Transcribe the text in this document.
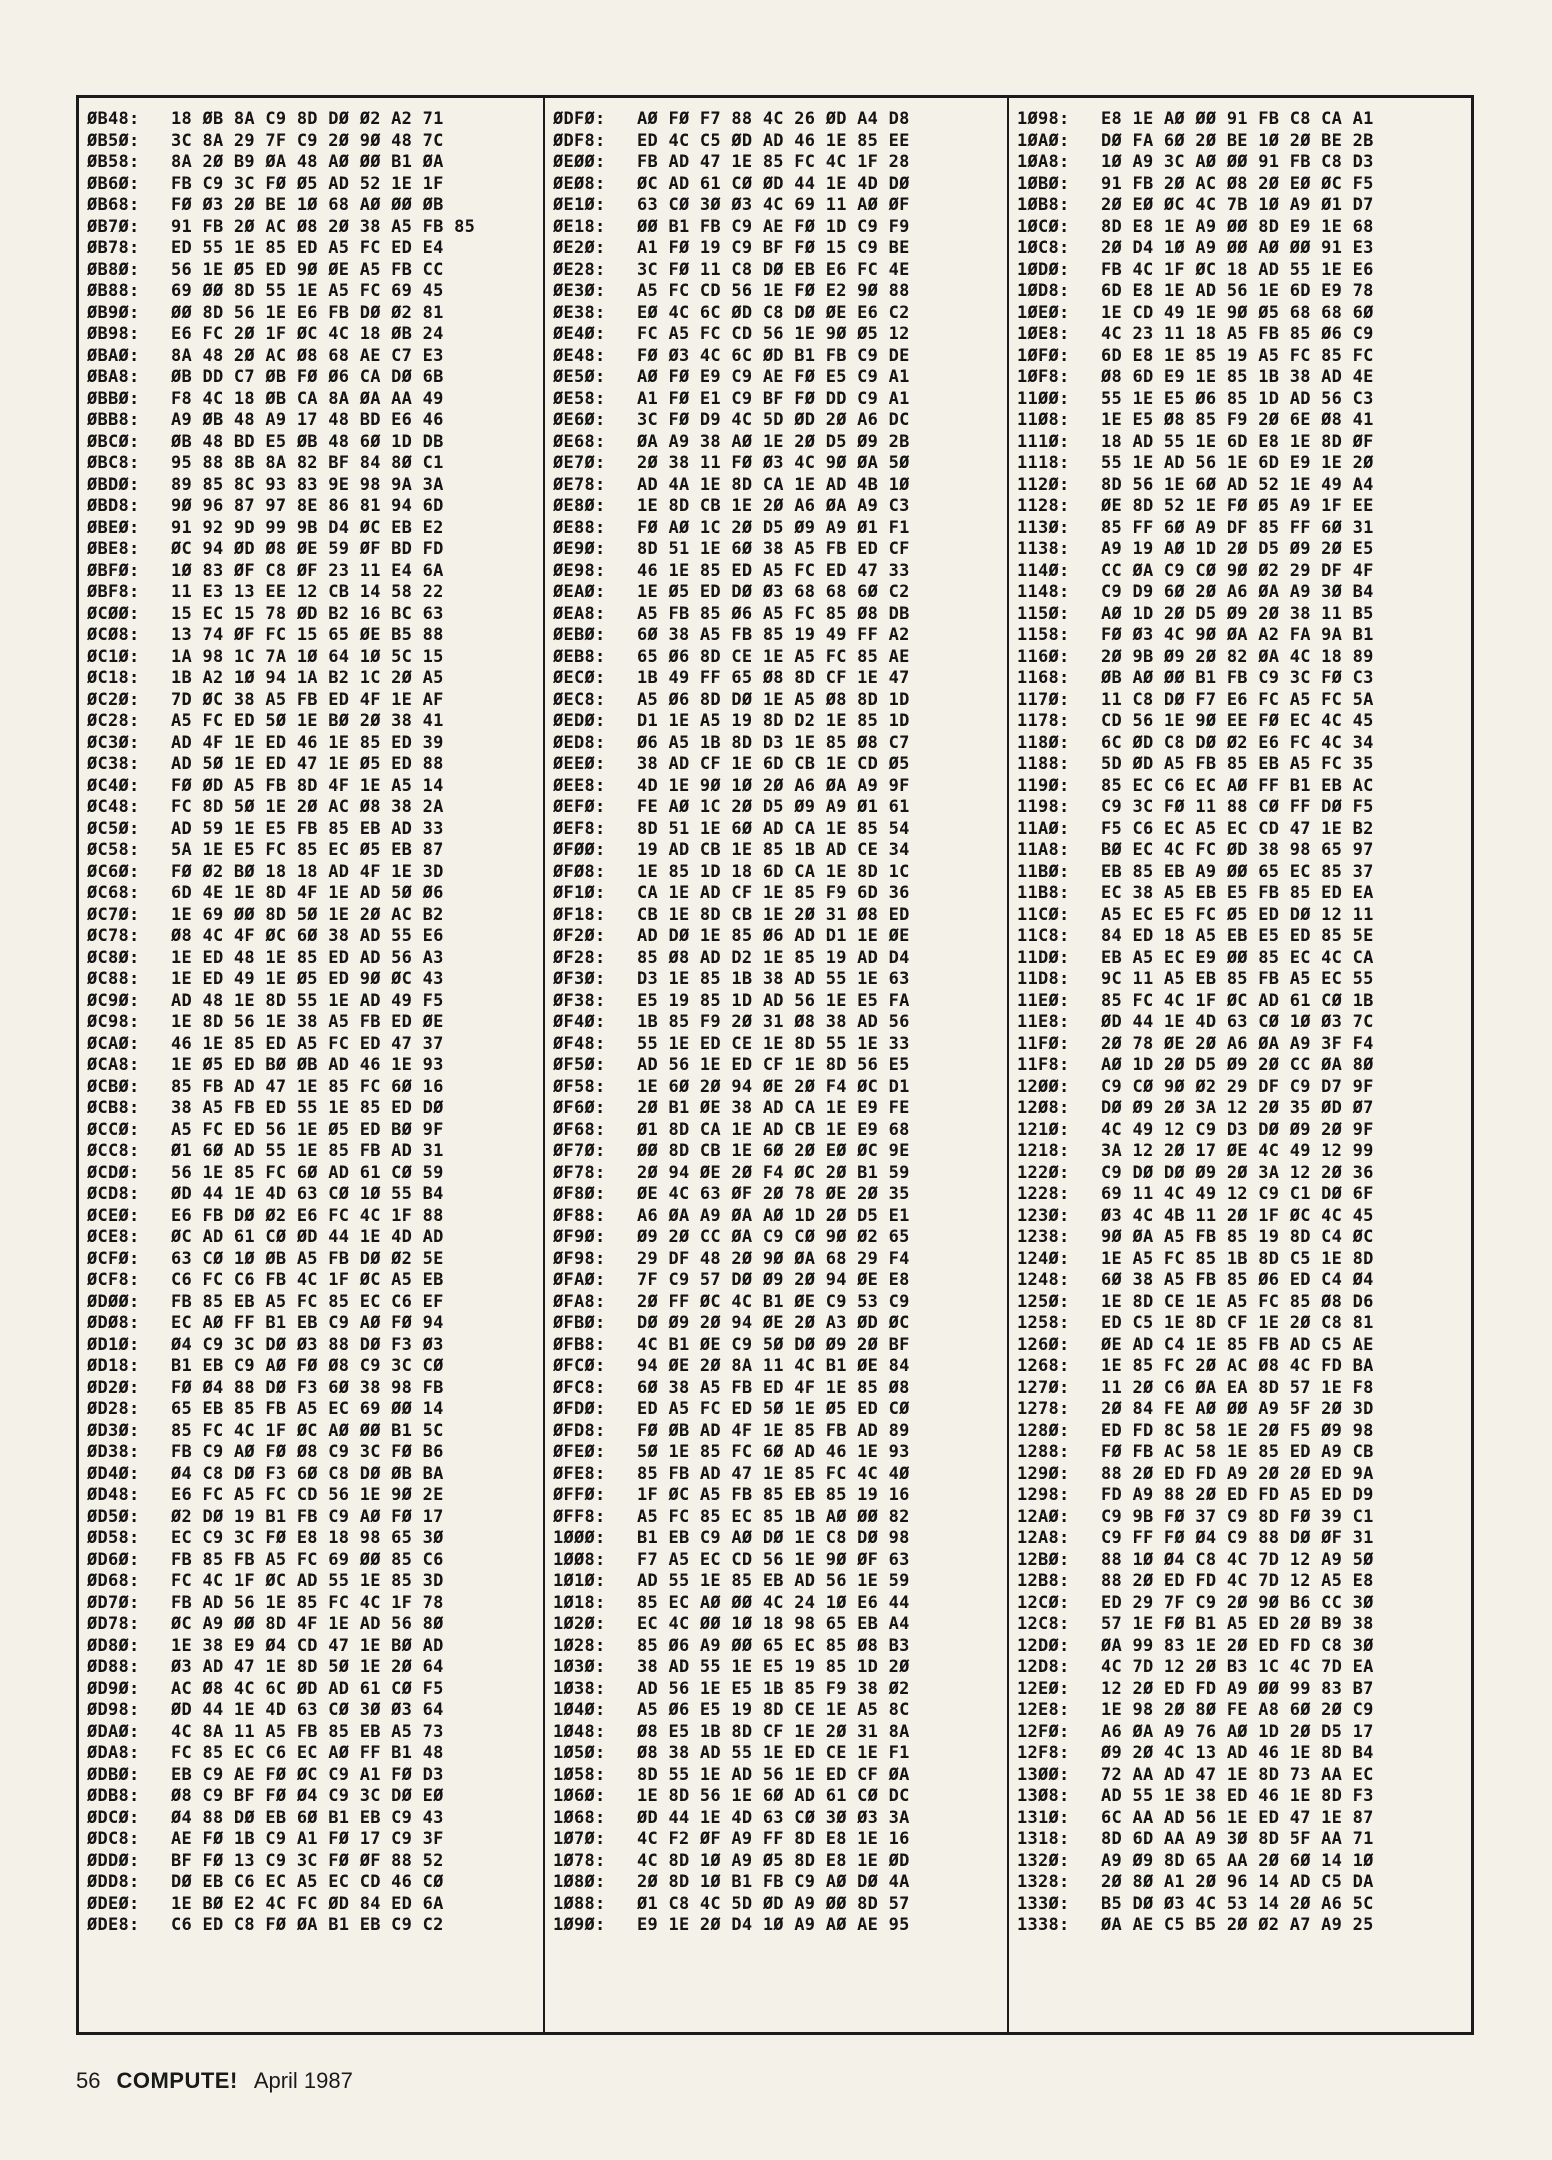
ØB48: 18 ØB 8A C9 8D DØ Ø2 A2 71
ØB5Ø: 3C 8A 29 7F C9 2Ø 9Ø 48 7C
ØB58: 8A 2Ø B9 ØA 48 AØ ØØ B1 ØA
ØB6Ø: FB C9 3C FØ Ø5 AD 52 1E 1F
ØB68: FØ Ø3 2Ø BE 1Ø 68 AØ ØØ ØB
ØB7Ø: 91 FB 2Ø AC Ø8 2Ø 38 A5 FB 85
ØB78: ED 55 1E 85 ED A5 FC ED E4
ØB8Ø: 56 1E Ø5 ED 9Ø ØE A5 FB CC
ØB88: 69 ØØ 8D 55 1E A5 FC 69 45
ØB9Ø: ØØ 8D 56 1E E6 FB DØ Ø2 81
ØB98: E6 FC 2Ø 1F ØC 4C 18 ØB 24
ØBAØ: 8A 48 2Ø AC Ø8 68 AE C7 E3
ØBA8: ØB DD C7 ØB FØ Ø6 CA DØ 6B
ØBBØ: F8 4C 18 ØB CA 8A ØA AA 49
ØBB8: A9 ØB 48 A9 17 48 BD E6 46
ØBCØ: ØB 48 BD E5 ØB 48 6Ø 1D DB
ØBC8: 95 88 8B 8A 82 BF 84 8Ø C1
ØBDØ: 89 85 8C 93 83 9E 98 9A 3A
ØBD8: 9Ø 96 87 97 8E 86 81 94 6D
ØBEØ: 91 92 9D 99 9B D4 ØC EB E2
ØBE8: ØC 94 ØD Ø8 ØE 59 ØF BD FD
ØBFØ: 1Ø 83 ØF C8 ØF 23 11 E4 6A
ØBF8: 11 E3 13 EE 12 CB 14 58 22
ØCØØ: 15 EC 15 78 ØD B2 16 BC 63
ØCØ8: 13 74 ØF FC 15 65 ØE B5 88
ØC1Ø: 1A 98 1C 7A 1Ø 64 1Ø 5C 15
ØC18: 1B A2 1Ø 94 1A B2 1C 2Ø A5
ØC2Ø: 7D ØC 38 A5 FB ED 4F 1E AF
ØC28: A5 FC ED 5Ø 1E BØ 2Ø 38 41
ØC3Ø: AD 4F 1E ED 46 1E 85 ED 39
ØC38: AD 5Ø 1E ED 47 1E Ø5 ED 88
ØC4Ø: FØ ØD A5 FB 8D 4F 1E A5 14
ØC48: FC 8D 5Ø 1E 2Ø AC Ø8 38 2A
ØC5Ø: AD 59 1E E5 FB 85 EB AD 33
ØC58: 5A 1E E5 FC 85 EC Ø5 EB 87
ØC6Ø: FØ Ø2 BØ 18 18 AD 4F 1E 3D
ØC68: 6D 4E 1E 8D 4F 1E AD 5Ø Ø6
ØC7Ø: 1E 69 ØØ 8D 5Ø 1E 2Ø AC B2
ØC78: Ø8 4C 4F ØC 6Ø 38 AD 55 E6
ØC8Ø: 1E ED 48 1E 85 ED AD 56 A3
ØC88: 1E ED 49 1E Ø5 ED 9Ø ØC 43
ØC9Ø: AD 48 1E 8D 55 1E AD 49 F5
ØC98: 1E 8D 56 1E 38 A5 FB ED ØE
ØCAØ: 46 1E 85 ED A5 FC ED 47 37
ØCA8: 1E Ø5 ED BØ ØB AD 46 1E 93
ØCBØ: 85 FB AD 47 1E 85 FC 6Ø 16
ØCB8: 38 A5 FB ED 55 1E 85 ED DØ
ØCCØ: A5 FC ED 56 1E Ø5 ED BØ 9F
ØCC8: Ø1 6Ø AD 55 1E 85 FB AD 31
ØCDØ: 56 1E 85 FC 6Ø AD 61 CØ 59
ØCD8: ØD 44 1E 4D 63 CØ 1Ø 55 B4
ØCEØ: E6 FB DØ Ø2 E6 FC 4C 1F 88
ØCE8: ØC AD 61 CØ ØD 44 1E 4D AD
ØCFØ: 63 CØ 1Ø ØB A5 FB DØ Ø2 5E
ØCF8: C6 FC C6 FB 4C 1F ØC A5 EB
ØDØØ: FB 85 EB A5 FC 85 EC C6 EF
ØDØ8: EC AØ FF B1 EB C9 AØ FØ 94
ØD1Ø: Ø4 C9 3C DØ Ø3 88 DØ F3 Ø3
ØD18: B1 EB C9 AØ FØ Ø8 C9 3C CØ
ØD2Ø: FØ Ø4 88 DØ F3 6Ø 38 98 FB
ØD28: 65 EB 85 FB A5 EC 69 ØØ 14
ØD3Ø: 85 FC 4C 1F ØC AØ ØØ B1 5C
ØD38: FB C9 AØ FØ Ø8 C9 3C FØ B6
ØD4Ø: Ø4 C8 DØ F3 6Ø C8 DØ ØB BA
ØD48: E6 FC A5 FC CD 56 1E 9Ø 2E
ØD5Ø: Ø2 DØ 19 B1 FB C9 AØ FØ 17
ØD58: EC C9 3C FØ E8 18 98 65 3Ø
ØD6Ø: FB 85 FB A5 FC 69 ØØ 85 C6
ØD68: FC 4C 1F ØC AD 55 1E 85 3D
ØD7Ø: FB AD 56 1E 85 FC 4C 1F 78
ØD78: ØC A9 ØØ 8D 4F 1E AD 56 8Ø
ØD8Ø: 1E 38 E9 Ø4 CD 47 1E BØ AD
ØD88: Ø3 AD 47 1E 8D 5Ø 1E 2Ø 64
ØD9Ø: AC Ø8 4C 6C ØD AD 61 CØ F5
ØD98: ØD 44 1E 4D 63 CØ 3Ø Ø3 64
ØDAØ: 4C 8A 11 A5 FB 85 EB A5 73
ØDA8: FC 85 EC C6 EC AØ FF B1 48
ØDBØ: EB C9 AE FØ ØC C9 A1 FØ D3
ØDB8: Ø8 C9 BF FØ Ø4 C9 3C DØ EØ
ØDCØ: Ø4 88 DØ EB 6Ø B1 EB C9 43
ØDC8: AE FØ 1B C9 A1 FØ 17 C9 3F
ØDDØ: BF FØ 13 C9 3C FØ ØF 88 52
ØDD8: DØ EB C6 EC A5 EC CD 46 CØ
ØDEØ: 1E BØ E2 4C FC ØD 84 ED 6A
ØDE8: C6 ED C8 FØ ØA B1 EB C9 C2
ØDFØ: AØ FØ F7 88 4C 26 ØD A4 D8
ØDF8: ED 4C C5 ØD AD 46 1E 85 EE
ØEØØ: FB AD 47 1E 85 FC 4C 1F 28
ØEØ8: ØC AD 61 CØ ØD 44 1E 4D DØ
ØE1Ø: 63 CØ 3Ø Ø3 4C 69 11 AØ ØF
ØE18: ØØ B1 FB C9 AE FØ 1D C9 F9
ØE2Ø: A1 FØ 19 C9 BF FØ 15 C9 BE
ØE28: 3C FØ 11 C8 DØ EB E6 FC 4E
ØE3Ø: A5 FC CD 56 1E FØ E2 9Ø 88
ØE38: EØ 4C 6C ØD C8 DØ ØE E6 C2
ØE4Ø: FC A5 FC CD 56 1E 9Ø Ø5 12
ØE48: FØ Ø3 4C 6C ØD B1 FB C9 DE
ØE5Ø: AØ FØ E9 C9 AE FØ E5 C9 A1
ØE58: A1 FØ E1 C9 BF FØ DD C9 A1
ØE6Ø: 3C FØ D9 4C 5D ØD 2Ø A6 DC
ØE68: ØA A9 38 AØ 1E 2Ø D5 Ø9 2B
ØE7Ø: 2Ø 38 11 FØ Ø3 4C 9Ø ØA 5Ø
ØE78: AD 4A 1E 8D CA 1E AD 4B 1Ø
ØE8Ø: 1E 8D CB 1E 2Ø A6 ØA A9 C3
ØE88: FØ AØ 1C 2Ø D5 Ø9 A9 Ø1 F1
ØE9Ø: 8D 51 1E 6Ø 38 A5 FB ED CF
ØE98: 46 1E 85 ED A5 FC ED 47 33
ØEAØ: 1E Ø5 ED DØ Ø3 68 68 6Ø C2
ØEA8: A5 FB 85 Ø6 A5 FC 85 Ø8 DB
ØEBØ: 6Ø 38 A5 FB 85 19 49 FF A2
ØEB8: 65 Ø6 8D CE 1E A5 FC 85 AE
ØECØ: 1B 49 FF 65 Ø8 8D CF 1E 47
ØEC8: A5 Ø6 8D DØ 1E A5 Ø8 8D 1D
ØEDØ: D1 1E A5 19 8D D2 1E 85 1D
ØED8: Ø6 A5 1B 8D D3 1E 85 Ø8 C7
ØEEØ: 38 AD CF 1E 6D CB 1E CD Ø5
ØEE8: 4D 1E 9Ø 1Ø 2Ø A6 ØA A9 9F
ØEFØ: FE AØ 1C 2Ø D5 Ø9 A9 Ø1 61
ØEF8: 8D 51 1E 6Ø AD CA 1E 85 54
ØFØØ: 19 AD CB 1E 85 1B AD CE 34
ØFØ8: 1E 85 1D 18 6D CA 1E 8D 1C
ØF1Ø: CA 1E AD CF 1E 85 F9 6D 36
ØF18: CB 1E 8D CB 1E 2Ø 31 Ø8 ED
ØF2Ø: AD DØ 1E 85 Ø6 AD D1 1E ØE
ØF28: 85 Ø8 AD D2 1E 85 19 AD D4
ØF3Ø: D3 1E 85 1B 38 AD 55 1E 63
ØF38: E5 19 85 1D AD 56 1E E5 FA
ØF4Ø: 1B 85 F9 2Ø 31 Ø8 38 AD 56
ØF48: 55 1E ED CE 1E 8D 55 1E 33
ØF5Ø: AD 56 1E ED CF 1E 8D 56 E5
ØF58: 1E 6Ø 2Ø 94 ØE 2Ø F4 ØC D1
ØF6Ø: 2Ø B1 ØE 38 AD CA 1E E9 FE
ØF68: Ø1 8D CA 1E AD CB 1E E9 68
ØF7Ø: ØØ 8D CB 1E 6Ø 2Ø EØ ØC 9E
ØF78: 2Ø 94 ØE 2Ø F4 ØC 2Ø B1 59
ØF8Ø: ØE 4C 63 ØF 2Ø 78 ØE 2Ø 35
ØF88: A6 ØA A9 ØA AØ 1D 2Ø D5 E1
ØF9Ø: Ø9 2Ø CC ØA C9 CØ 9Ø Ø2 65
ØF98: 29 DF 48 2Ø 9Ø ØA 68 29 F4
ØFAØ: 7F C9 57 DØ Ø9 2Ø 94 ØE E8
ØFA8: 2Ø FF ØC 4C B1 ØE C9 53 C9
ØFBØ: DØ Ø9 2Ø 94 ØE 2Ø A3 ØD ØC
ØFB8: 4C B1 ØE C9 5Ø DØ Ø9 2Ø BF
ØFCØ: 94 ØE 2Ø 8A 11 4C B1 ØE 84
ØFC8: 6Ø 38 A5 FB ED 4F 1E 85 Ø8
ØFDØ: ED A5 FC ED 5Ø 1E Ø5 ED CØ
ØFD8: FØ ØB AD 4F 1E 85 FB AD 89
ØFEØ: 5Ø 1E 85 FC 6Ø AD 46 1E 93
ØFE8: 85 FB AD 47 1E 85 FC 4C 4Ø
ØFFØ: 1F ØC A5 FB 85 EB 85 19 16
ØFF8: A5 FC 85 EC 85 1B AØ ØØ 82
1ØØØ: B1 EB C9 AØ DØ 1E C8 DØ 98
1ØØ8: F7 A5 EC CD 56 1E 9Ø ØF 63
1Ø1Ø: AD 55 1E 85 EB AD 56 1E 59
1Ø18: 85 EC AØ ØØ 4C 24 1Ø E6 44
1Ø2Ø: EC 4C ØØ 1Ø 18 98 65 EB A4
1Ø28: 85 Ø6 A9 ØØ 65 EC 85 Ø8 B3
1Ø3Ø: 38 AD 55 1E E5 19 85 1D 2Ø
1Ø38: AD 56 1E E5 1B 85 F9 38 Ø2
1Ø4Ø: A5 Ø6 E5 19 8D CE 1E A5 8C
1Ø48: Ø8 E5 1B 8D CF 1E 2Ø 31 8A
1Ø5Ø: Ø8 38 AD 55 1E ED CE 1E F1
1Ø58: 8D 55 1E AD 56 1E ED CF ØA
1Ø6Ø: 1E 8D 56 1E 6Ø AD 61 CØ DC
1Ø68: ØD 44 1E 4D 63 CØ 3Ø Ø3 3A
1Ø7Ø: 4C F2 ØF A9 FF 8D E8 1E 16
1Ø78: 4C 8D 1Ø A9 Ø5 8D E8 1E ØD
1Ø8Ø: 2Ø 8D 1Ø B1 FB C9 AØ DØ 4A
1Ø88: Ø1 C8 4C 5D ØD A9 ØØ 8D 57
1Ø9Ø: E9 1E 2Ø D4 1Ø A9 AØ AE 95
1Ø98: E8 1E AØ ØØ 91 FB C8 CA A1
1ØAØ: DØ FA 6Ø 2Ø BE 1Ø 2Ø BE 2B
1ØA8: 1Ø A9 3C AØ ØØ 91 FB C8 D3
1ØBØ: 91 FB 2Ø AC Ø8 2Ø EØ ØC F5
1ØB8: 2Ø EØ ØC 4C 7B 1Ø A9 Ø1 D7
1ØCØ: 8D E8 1E A9 ØØ 8D E9 1E 68
1ØC8: 2Ø D4 1Ø A9 ØØ AØ ØØ 91 E3
1ØDØ: FB 4C 1F ØC 18 AD 55 1E E6
1ØD8: 6D E8 1E AD 56 1E 6D E9 78
1ØEØ: 1E CD 49 1E 9Ø Ø5 68 68 6Ø
1ØE8: 4C 23 11 18 A5 FB 85 Ø6 C9
1ØFØ: 6D E8 1E 85 19 A5 FC 85 FC
1ØF8: Ø8 6D E9 1E 85 1B 38 AD 4E
11ØØ: 55 1E E5 Ø6 85 1D AD 56 C3
11Ø8: 1E E5 Ø8 85 F9 2Ø 6E Ø8 41
111Ø: 18 AD 55 1E 6D E8 1E 8D ØF
1118: 55 1E AD 56 1E 6D E9 1E 2Ø
112Ø: 8D 56 1E 6Ø AD 52 1E 49 A4
1128: ØE 8D 52 1E FØ Ø5 A9 1F EE
113Ø: 85 FF 6Ø A9 DF 85 FF 6Ø 31
1138: A9 19 AØ 1D 2Ø D5 Ø9 2Ø E5
114Ø: CC ØA C9 CØ 9Ø Ø2 29 DF 4F
1148: C9 D9 6Ø 2Ø A6 ØA A9 3Ø B4
115Ø: AØ 1D 2Ø D5 Ø9 2Ø 38 11 B5
1158: FØ Ø3 4C 9Ø ØA A2 FA 9A B1
116Ø: 2Ø 9B Ø9 2Ø 82 ØA 4C 18 89
1168: ØB AØ ØØ B1 FB C9 3C FØ C3
117Ø: 11 C8 DØ F7 E6 FC A5 FC 5A
1178: CD 56 1E 9Ø EE FØ EC 4C 45
118Ø: 6C ØD C8 DØ Ø2 E6 FC 4C 34
1188: 5D ØD A5 FB 85 EB A5 FC 35
119Ø: 85 EC C6 EC AØ FF B1 EB AC
1198: C9 3C FØ 11 88 CØ FF DØ F5
11AØ: F5 C6 EC A5 EC CD 47 1E B2
11A8: BØ EC 4C FC ØD 38 98 65 97
11BØ: EB 85 EB A9 ØØ 65 EC 85 37
11B8: EC 38 A5 EB E5 FB 85 ED EA
11CØ: A5 EC E5 FC Ø5 ED DØ 12 11
11C8: 84 ED 18 A5 EB E5 ED 85 5E
11DØ: EB A5 EC E9 ØØ 85 EC 4C CA
11D8: 9C 11 A5 EB 85 FB A5 EC 55
11EØ: 85 FC 4C 1F ØC AD 61 CØ 1B
11E8: ØD 44 1E 4D 63 CØ 1Ø Ø3 7C
11FØ: 2Ø 78 ØE 2Ø A6 ØA A9 3F F4
11F8: AØ 1D 2Ø D5 Ø9 2Ø CC ØA 8Ø
12ØØ: C9 CØ 9Ø Ø2 29 DF C9 D7 9F
12Ø8: DØ Ø9 2Ø 3A 12 2Ø 35 ØD Ø7
121Ø: 4C 49 12 C9 D3 DØ Ø9 2Ø 9F
1218: 3A 12 2Ø 17 ØE 4C 49 12 99
122Ø: C9 DØ DØ Ø9 2Ø 3A 12 2Ø 36
1228: 69 11 4C 49 12 C9 C1 DØ 6F
123Ø: Ø3 4C 4B 11 2Ø 1F ØC 4C 45
1238: 9Ø ØA A5 FB 85 19 8D C4 ØC
124Ø: 1E A5 FC 85 1B 8D C5 1E 8D
1248: 6Ø 38 A5 FB 85 Ø6 ED C4 Ø4
125Ø: 1E 8D CE 1E A5 FC 85 Ø8 D6
1258: ED C5 1E 8D CF 1E 2Ø C8 81
126Ø: ØE AD C4 1E 85 FB AD C5 AE
1268: 1E 85 FC 2Ø AC Ø8 4C FD BA
127Ø: 11 2Ø C6 ØA EA 8D 57 1E F8
1278: 2Ø 84 FE AØ ØØ A9 5F 2Ø 3D
128Ø: ED FD 8C 58 1E 2Ø F5 Ø9 98
1288: FØ FB AC 58 1E 85 ED A9 CB
129Ø: 88 2Ø ED FD A9 2Ø 2Ø ED 9A
1298: FD A9 88 2Ø ED FD A5 ED D9
12AØ: C9 9B FØ 37 C9 8D FØ 39 C1
12A8: C9 FF FØ Ø4 C9 88 DØ ØF 31
12BØ: 88 1Ø Ø4 C8 4C 7D 12 A9 5Ø
12B8: 88 2Ø ED FD 4C 7D 12 A5 E8
12CØ: ED 29 7F C9 2Ø 9Ø B6 CC 3Ø
12C8: 57 1E FØ B1 A5 ED 2Ø B9 38
12DØ: ØA 99 83 1E 2Ø ED FD C8 3Ø
12D8: 4C 7D 12 2Ø B3 1C 4C 7D EA
12EØ: 12 2Ø ED FD A9 ØØ 99 83 B7
12E8: 1E 98 2Ø 8Ø FE A8 6Ø 2Ø C9
12FØ: A6 ØA A9 76 AØ 1D 2Ø D5 17
12F8: Ø9 2Ø 4C 13 AD 46 1E 8D B4
13ØØ: 72 AA AD 47 1E 8D 73 AA EC
13Ø8: AD 55 1E 38 ED 46 1E 8D F3
131Ø: 6C AA AD 56 1E ED 47 1E 87
1318: 8D 6D AA A9 3Ø 8D 5F AA 71
132Ø: A9 Ø9 8D 65 AA 2Ø 6Ø 14 1Ø
1328: 2Ø 8Ø A1 2Ø 96 14 AD C5 DA
133Ø: B5 DØ Ø3 4C 53 14 2Ø A6 5C
1338: ØA AE C5 B5 2Ø Ø2 A7 A9 25
56 COMPUTE! April 1987
